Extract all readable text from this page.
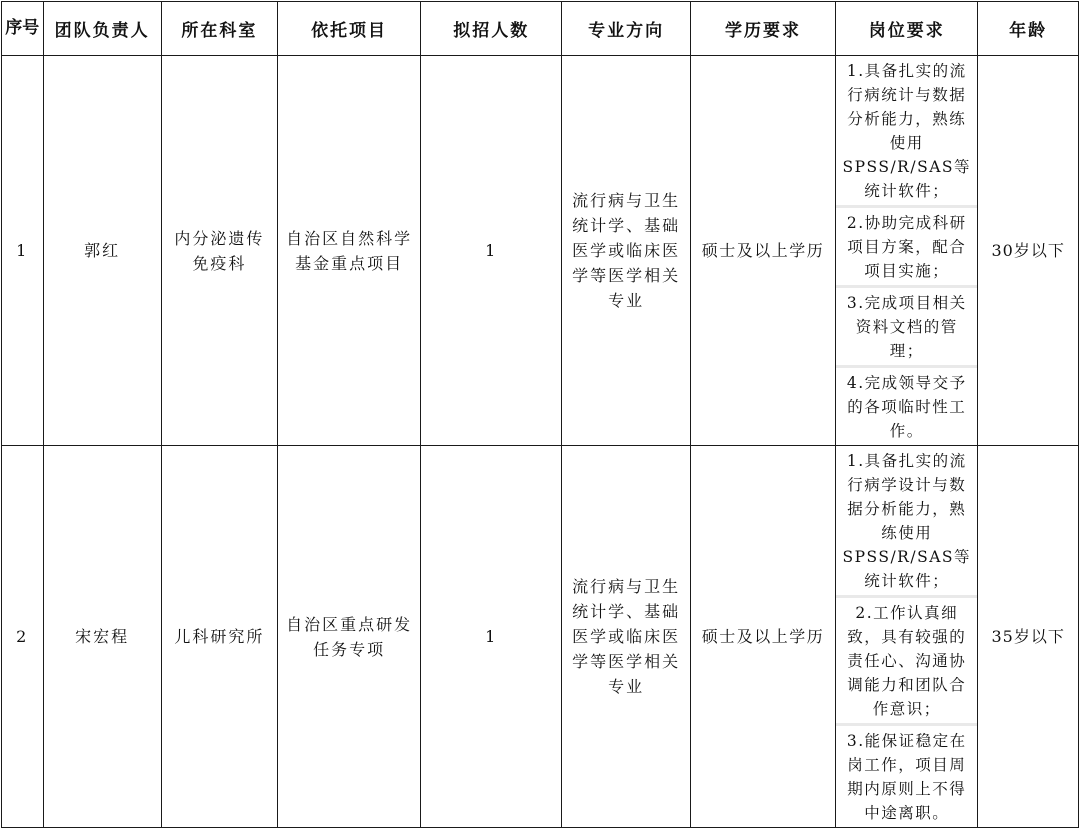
序号	团队负责人	所在科室	依托项目	拟招人数	专业方向	学历要求	岗位要求	年龄

1	郭红	内分泌遗传免疫科	自治区自然科学基金重点项目	1	流行病与卫生统计学、基础医学或临床医学等医学相关专业	硕士及以上学历	1.具备扎实的流行病统计与数据分析能力，熟练使用SPSS/R/SAS等统计软件；
2.协助完成科研项目方案，配合项目实施；
3.完成项目相关资料文档的管理；
4.完成领导交予的各项临时性工作。	30岁以下

2	宋宏程	儿科研究所	自治区重点研发任务专项	1	流行病与卫生统计学、基础医学或临床医学等医学相关专业	硕士及以上学历	1.具备扎实的流行病学设计与数据分析能力，熟练使用SPSS/R/SAS等统计软件；
2.工作认真细致，具有较强的责任心、沟通协调能力和团队合作意识；
3.能保证稳定在岗工作，项目周期内原则上不得中途离职。	35岁以下
